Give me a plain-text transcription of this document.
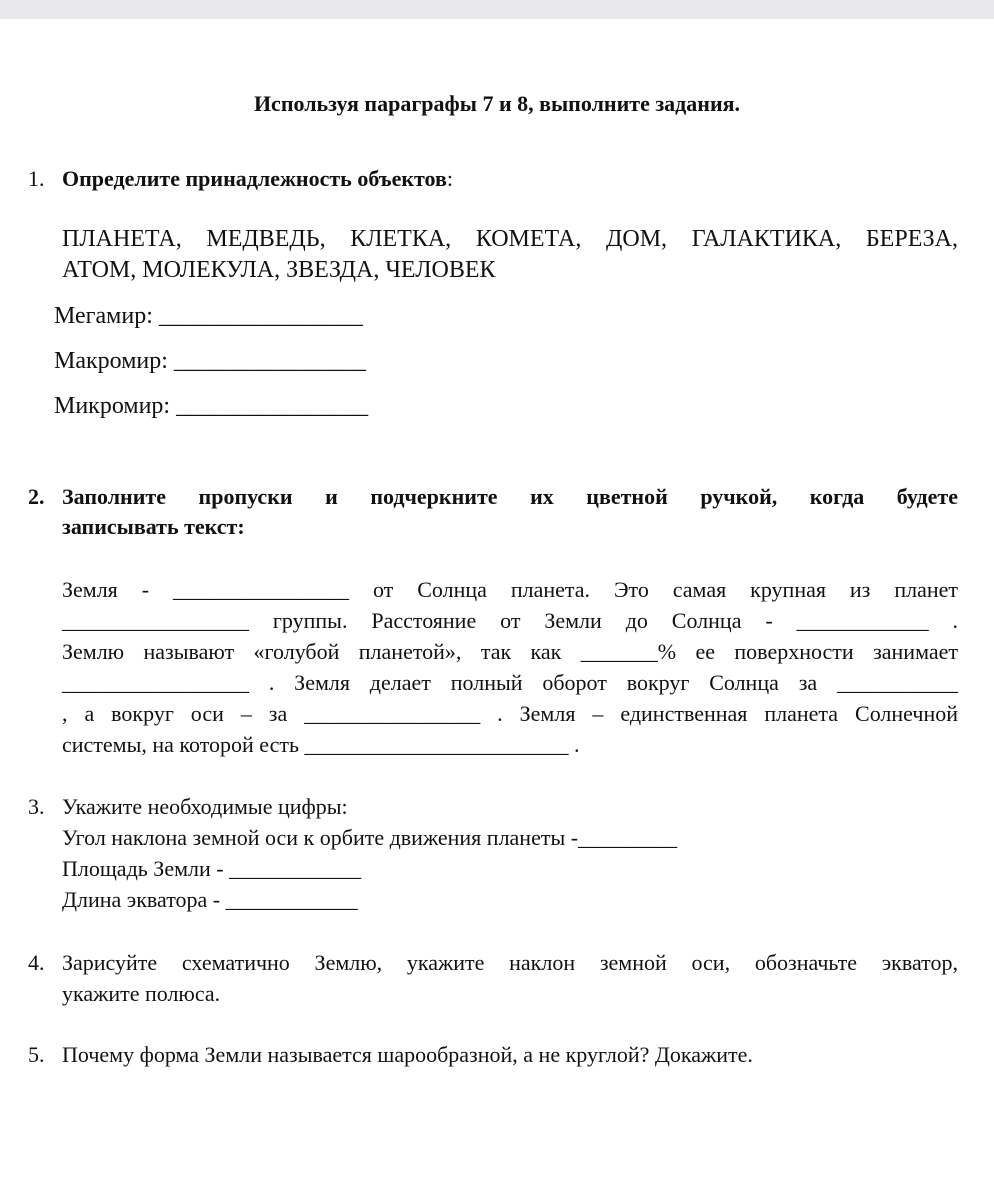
Используя параграфы 7 и 8, выполните задания.
1. Определите принадлежность объектов:
ПЛАНЕТА, МЕДВЕДЬ, КЛЕТКА, КОМЕТА, ДОМ, ГАЛАКТИКА, БЕРЕЗА,
АТОМ, МОЛЕКУЛА, ЗВЕЗДА, ЧЕЛОВЕК
Мегамир: _________________
Макромир: ________________
Микромир: ________________
2. Заполните пропуски и подчеркните их цветной ручкой, когда будете
записывать текст:
Земля - ________________ от Солнца планета. Это самая крупная из планет
_________________ группы. Расстояние от Земли до Солнца - ____________ .
Землю называют «голубой планетой», так как _______% ее поверхности занимает
_________________ . Земля делает полный оборот вокруг Солнца за ___________
, а вокруг оси – за ________________ . Земля – единственная планета Солнечной
системы, на которой есть ________________________ .
3. Укажите необходимые цифры:
Угол наклона земной оси к орбите движения планеты -_________
Площадь Земли - ____________
Длина экватора - ____________
4. Зарисуйте схематично Землю, укажите наклон земной оси, обозначьте экватор,
укажите полюса.
5. Почему форма Земли называется шарообразной, а не круглой? Докажите.
